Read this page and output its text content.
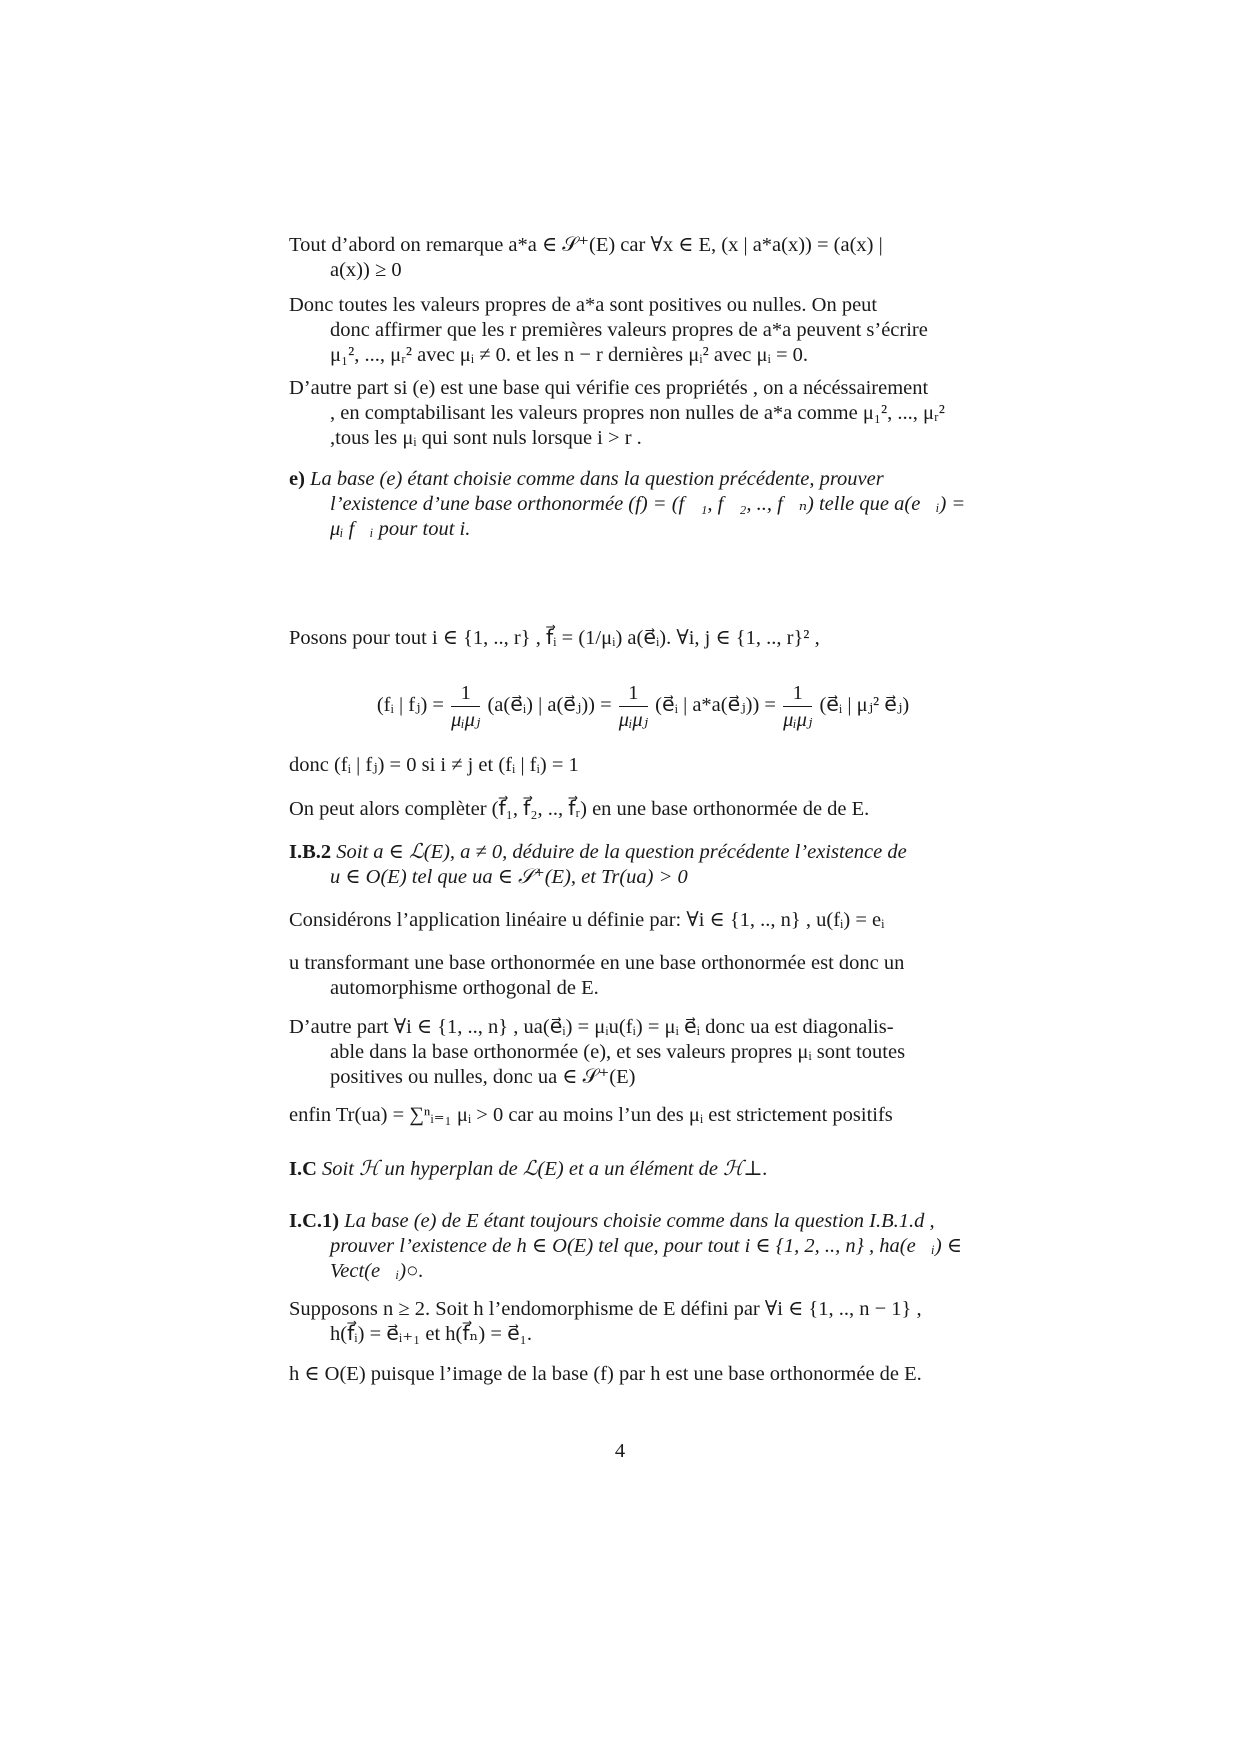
Tout d’abord on remarque a*a ∈ 𝒮⁺(E) car ∀x ∈ E, (x | a*a(x)) = (a(x) |
a(x)) ≥ 0
Donc toutes les valeurs propres de a*a sont positives ou nulles. On peut
donc affirmer que les r premières valeurs propres de a*a peuvent s’écrire
μ₁², ..., μᵣ² avec μᵢ ≠ 0. et les n − r dernières μᵢ² avec μᵢ = 0.
D’autre part si (e) est une base qui vérifie ces propriétés , on a nécéssairement
, en comptabilisant les valeurs propres non nulles de a*a comme μ₁², ..., μᵣ²
,tous les μᵢ qui sont nuls lorsque i > r .
e) La base (e) étant choisie comme dans la question précédente, prouver
l’existence d’une base orthonormée (f) = (f⃗₁, f⃗₂, .., f⃗ₙ) telle que a(e⃗ᵢ) =
μᵢ f⃗ᵢ pour tout i.
Posons pour tout i ∈ {1, .., r} , f⃗ᵢ = (1/μᵢ) a(e⃗ᵢ). ∀i, j ∈ {1, .., r}² ,
(fᵢ | fⱼ) = $\frac{1}{\text{μᵢμⱼ}}$ (a(e⃗ᵢ) | a(e⃗ⱼ)) = $\frac{1}{\text{μᵢμⱼ}}$ (e⃗ᵢ | a*a(e⃗ⱼ)) = $\frac{1}{\text{μᵢμⱼ}}$ (e⃗ᵢ | μⱼ² e⃗ⱼ)
donc (fᵢ | fⱼ) = 0 si i ≠ j et (fᵢ | fᵢ) = 1
On peut alors complèter (f⃗₁, f⃗₂, .., f⃗ᵣ) en une base orthonormée de de E.
I.B.2 Soit a ∈ ℒ(E), a ≠ 0, déduire de la question précédente l’existence de
u ∈ O(E) tel que ua ∈ 𝒮⁺(E), et Tr(ua) > 0
Considérons l’application linéaire u définie par: ∀i ∈ {1, .., n} , u(fᵢ) = eᵢ
u transformant une base orthonormée en une base orthonormée est donc un
automorphisme orthogonal de E.
D’autre part ∀i ∈ {1, .., n} , ua(e⃗ᵢ) = μᵢu(fᵢ) = μᵢ e⃗ᵢ donc ua est diagonalis-
able dans la base orthonormée (e), et ses valeurs propres μᵢ sont toutes
positives ou nulles, donc ua ∈ 𝒮⁺(E)
enfin Tr(ua) = ∑ⁿᵢ₌₁ μᵢ > 0 car au moins l’un des μᵢ est strictement positifs
I.C Soit ℋ un hyperplan de ℒ(E) et a un élément de ℋ⊥.
I.C.1) La base (e) de E étant toujours choisie comme dans la question I.B.1.d ,
prouver l’existence de h ∈ O(E) tel que, pour tout i ∈ {1, 2, .., n} , ha(e⃗ᵢ) ∈
Vect(e⃗ᵢ)○.
Supposons n ≥ 2. Soit h l’endomorphisme de E défini par ∀i ∈ {1, .., n − 1} ,
h(f⃗ᵢ) = e⃗ᵢ₊₁ et h(f⃗ₙ) = e⃗₁.
h ∈ O(E) puisque l’image de la base (f) par h est une base orthonormée de E.
4
